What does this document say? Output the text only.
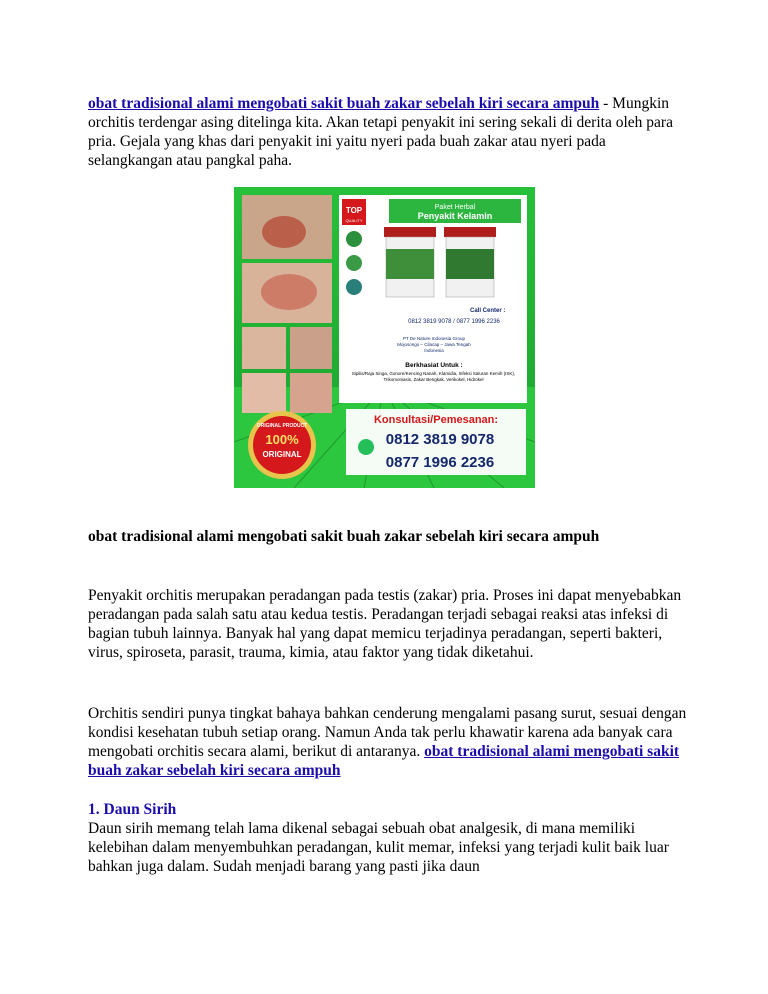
obat tradisional alami mengobati sakit buah zakar sebelah kiri secara ampuh - Mungkin orchitis terdengar asing ditelinga kita. Akan tetapi penyakit ini sering sekali di derita oleh para pria. Gejala yang khas dari penyakit ini yaitu nyeri pada buah zakar atau nyeri pada selangkangan atau pangkal paha.

TOP
QUALITY
Paket Herbal
Penyakit Kelamin
Call Center :
0812 3819 9078 / 0877 1996 2236
PT De Nature Indonesia Group
Mojosongo – Cilacap – Jawa Tengah
Indonesia
Berkhasiat Untuk :
Sipilis/Raja Singa, Gonore/Kencing Nanah, Klamidia, Infeksi Saluran Kemih (ISK), Trikomoniasis, Zakar Bengkak, Verikokel, Hidrokel
Konsultasi/Pemesanan:
0812 3819 9078
0877 1996 2236
ORIGINAL PRODUCT
100%
ORIGINAL

obat tradisional alami mengobati sakit buah zakar sebelah kiri secara ampuh

Penyakit orchitis merupakan peradangan pada testis (zakar) pria. Proses ini dapat menyebabkan peradangan pada salah satu atau kedua testis. Peradangan terjadi sebagai reaksi atas infeksi di bagian tubuh lainnya. Banyak hal yang dapat memicu terjadinya peradangan, seperti bakteri, virus, spiroseta, parasit, trauma, kimia, atau faktor yang tidak diketahui.

Orchitis sendiri punya tingkat bahaya bahkan cenderung mengalami pasang surut, sesuai dengan kondisi kesehatan tubuh setiap orang. Namun Anda tak perlu khawatir karena ada banyak cara mengobati orchitis secara alami, berikut di antaranya. obat tradisional alami mengobati sakit buah zakar sebelah kiri secara ampuh

1. Daun Sirih

Daun sirih memang telah lama dikenal sebagai sebuah obat analgesik, di mana memiliki kelebihan dalam menyembuhkan peradangan, kulit memar, infeksi yang terjadi kulit baik luar bahkan juga dalam. Sudah menjadi barang yang pasti jika daun
